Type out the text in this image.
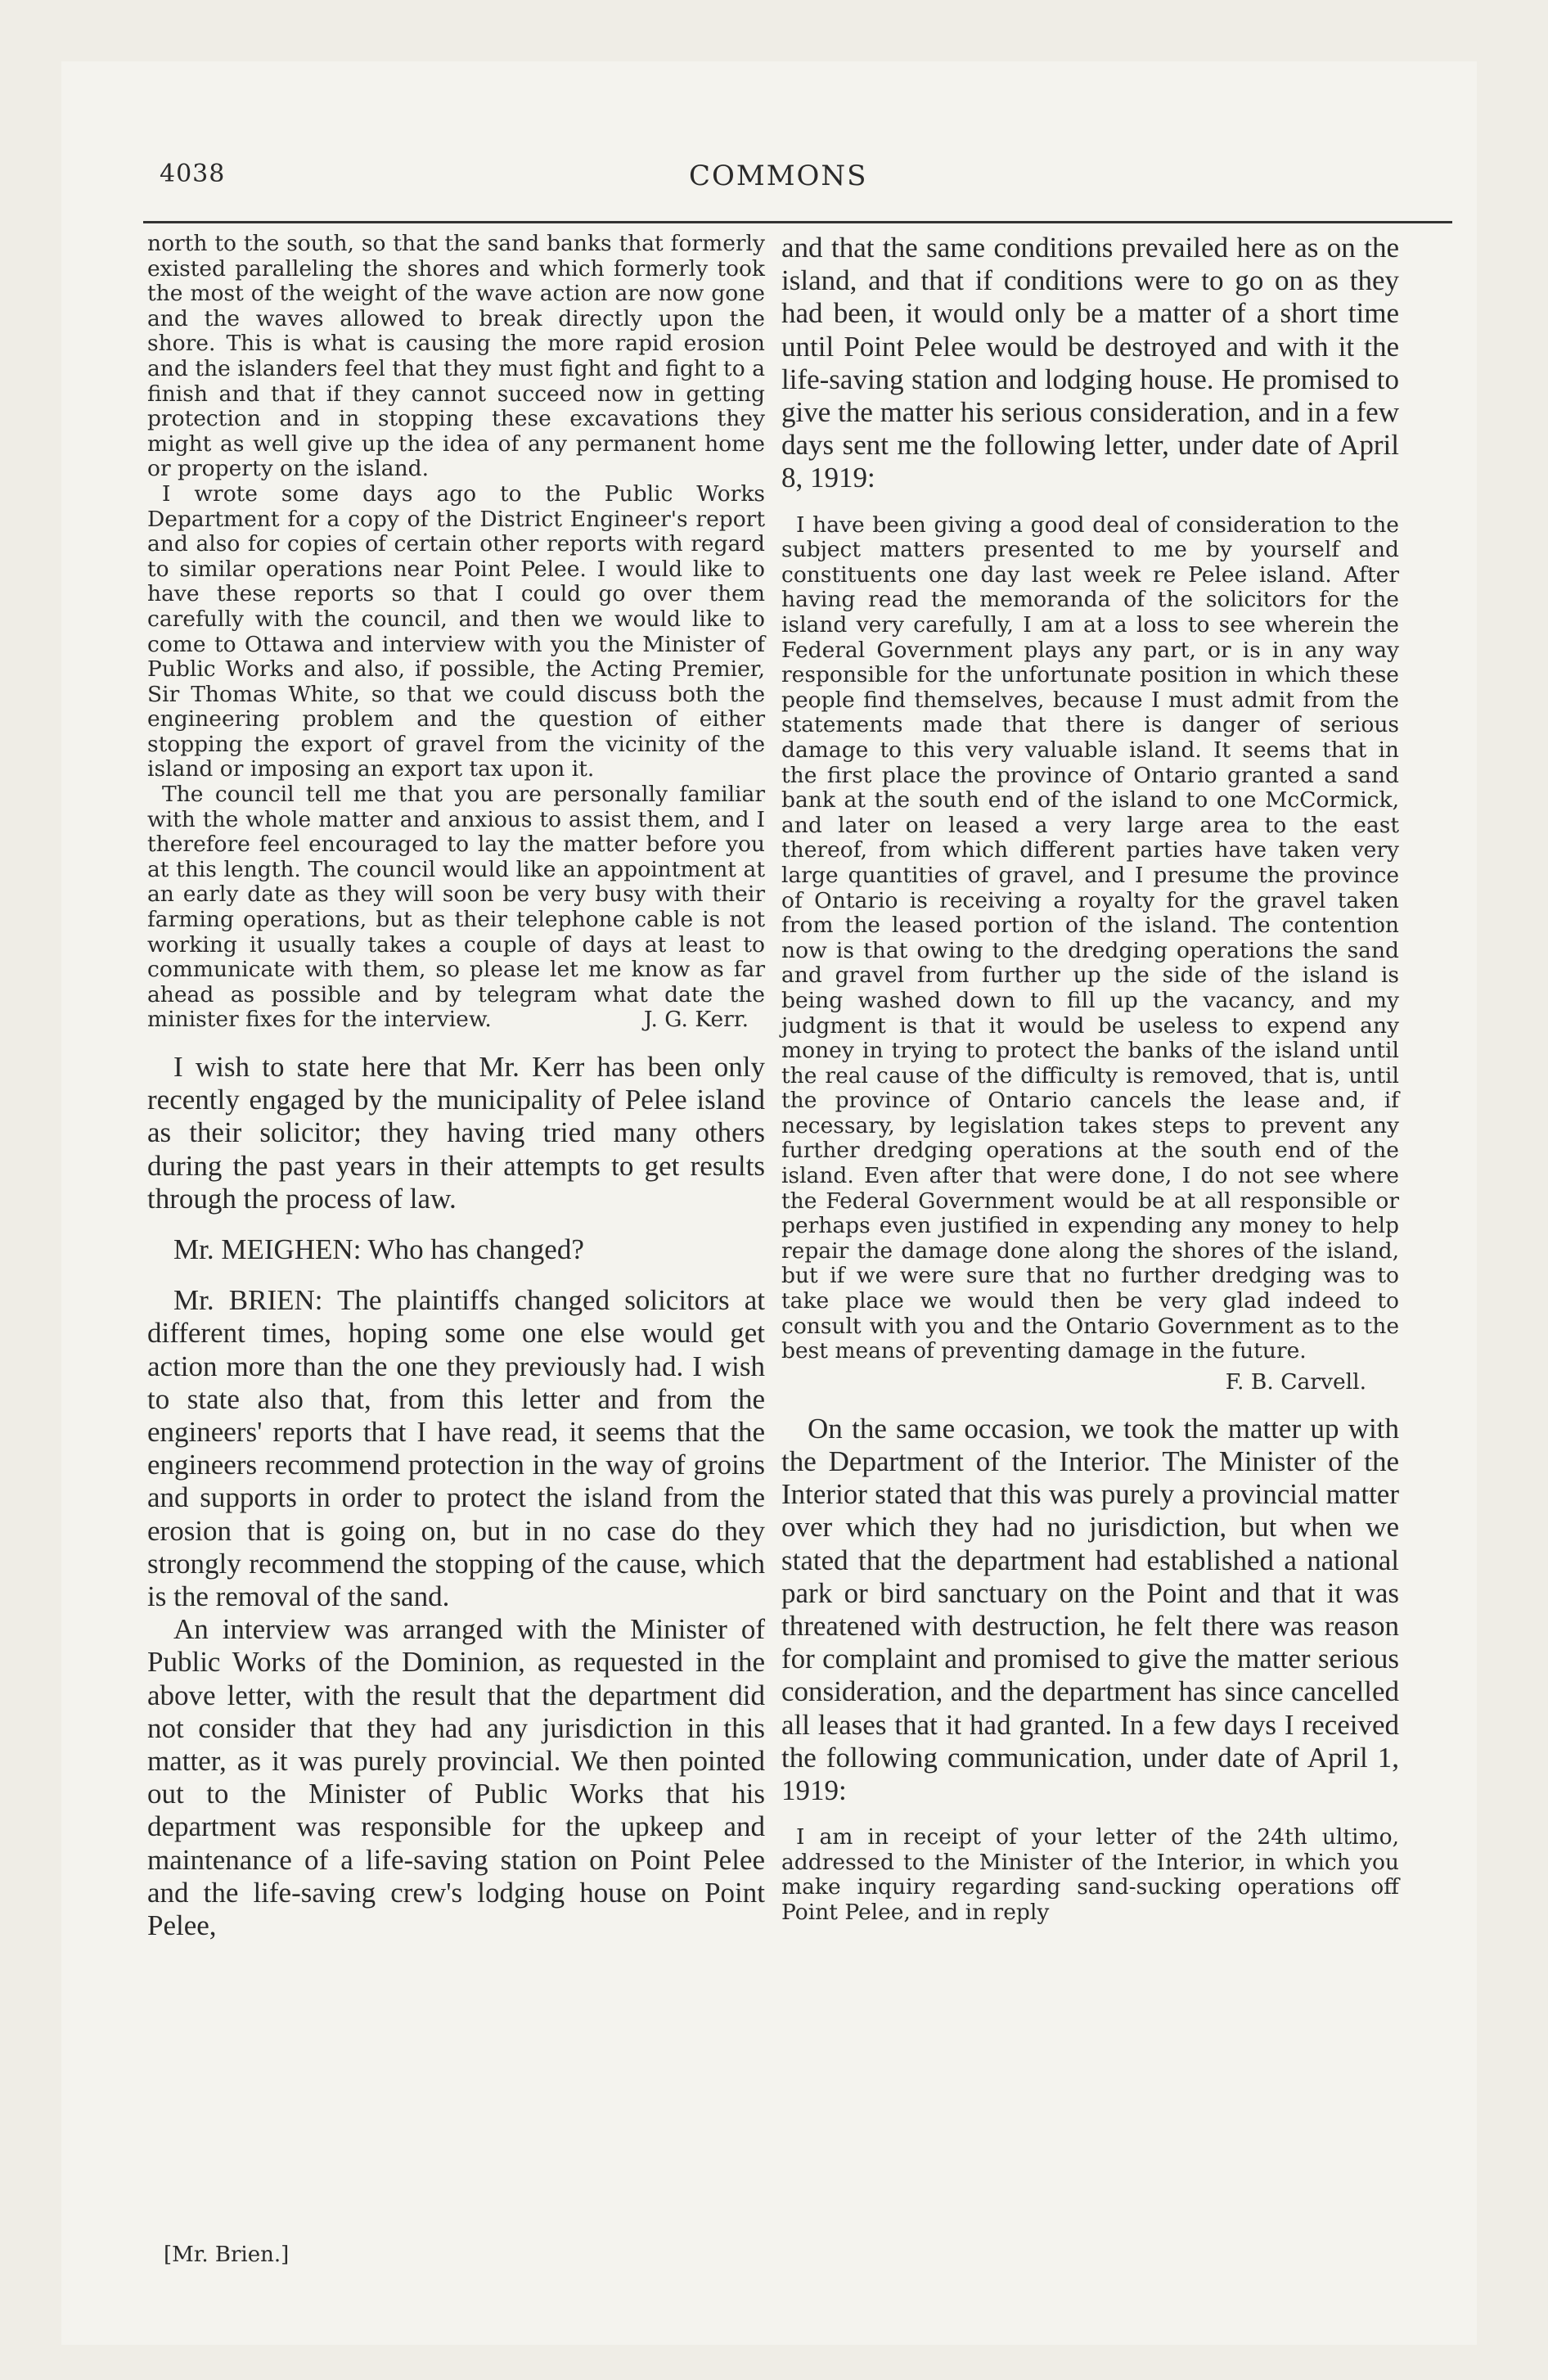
4038	COMMONS

north to the south, so that the sand banks that formerly existed paralleling the shores and which formerly took the most of the weight of the wave action are now gone and the waves allowed to break directly upon the shore. This is what is causing the more rapid erosion and the islanders feel that they must fight and fight to a finish and that if they cannot succeed now in getting protection and in stopping these excavations they might as well give up the idea of any permanent home or property on the island.

I wrote some days ago to the Public Works Department for a copy of the District Engineer's report and also for copies of certain other reports with regard to similar operations near Point Pelee. I would like to have these reports so that I could go over them carefully with the council, and then we would like to come to Ottawa and interview with you the Minister of Public Works and also, if possible, the Acting Premier, Sir Thomas White, so that we could discuss both the engineering problem and the question of either stopping the export of gravel from the vicinity of the island or imposing an export tax upon it.

The council tell me that you are personally familiar with the whole matter and anxious to assist them, and I therefore feel encouraged to lay the matter before you at this length. The council would like an appointment at an early date as they will soon be very busy with their farming operations, but as their telephone cable is not working it usually takes a couple of days at least to communicate with them, so please let me know as far ahead as possible and by telegram what date the minister fixes for the interview.	J. G. Kerr.

I wish to state here that Mr. Kerr has been only recently engaged by the municipality of Pelee island as their solicitor; they having tried many others during the past years in their attempts to get results through the process of law.

Mr. MEIGHEN: Who has changed?

Mr. BRIEN: The plaintiffs changed solicitors at different times, hoping some one else would get action more than the one they previously had. I wish to state also that, from this letter and from the engineers' reports that I have read, it seems that the engineers recommend protection in the way of groins and supports in order to protect the island from the erosion that is going on, but in no case do they strongly recommend the stopping of the cause, which is the removal of the sand.

An interview was arranged with the Minister of Public Works of the Dominion, as requested in the above letter, with the result that the department did not consider that they had any jurisdiction in this matter, as it was purely provincial. We then pointed out to the Minister of Public Works that his department was responsible for the upkeep and maintenance of a life-saving station on Point Pelee and the life-saving crew's lodging house on Point Pelee,

and that the same conditions prevailed here as on the island, and that if conditions were to go on as they had been, it would only be a matter of a short time until Point Pelee would be destroyed and with it the life-saving station and lodging house. He promised to give the matter his serious consideration, and in a few days sent me the following letter, under date of April 8, 1919:

I have been giving a good deal of consideration to the subject matters presented to me by yourself and constituents one day last week re Pelee island. After having read the memoranda of the solicitors for the island very carefully, I am at a loss to see wherein the Federal Government plays any part, or is in any way responsible for the unfortunate position in which these people find themselves, because I must admit from the statements made that there is danger of serious damage to this very valuable island. It seems that in the first place the province of Ontario granted a sand bank at the south end of the island to one McCormick, and later on leased a very large area to the east thereof, from which different parties have taken very large quantities of gravel, and I presume the province of Ontario is receiving a royalty for the gravel taken from the leased portion of the island. The contention now is that owing to the dredging operations the sand and gravel from further up the side of the island is being washed down to fill up the vacancy, and my judgment is that it would be useless to expend any money in trying to protect the banks of the island until the real cause of the difficulty is removed, that is, until the province of Ontario cancels the lease and, if necessary, by legislation takes steps to prevent any further dredging operations at the south end of the island. Even after that were done, I do not see where the Federal Government would be at all responsible or perhaps even justified in expending any money to help repair the damage done along the shores of the island, but if we were sure that no further dredging was to take place we would then be very glad indeed to consult with you and the Ontario Government as to the best means of preventing damage in the future.

F. B. Carvell.

On the same occasion, we took the matter up with the Department of the Interior. The Minister of the Interior stated that this was purely a provincial matter over which they had no jurisdiction, but when we stated that the department had established a national park or bird sanctuary on the Point and that it was threatened with destruction, he felt there was reason for complaint and promised to give the matter serious consideration, and the department has since cancelled all leases that it had granted. In a few days I received the following communication, under date of April 1, 1919:

I am in receipt of your letter of the 24th ultimo, addressed to the Minister of the Interior, in which you make inquiry regarding sand-sucking operations off Point Pelee, and in reply

[Mr. Brien.]
